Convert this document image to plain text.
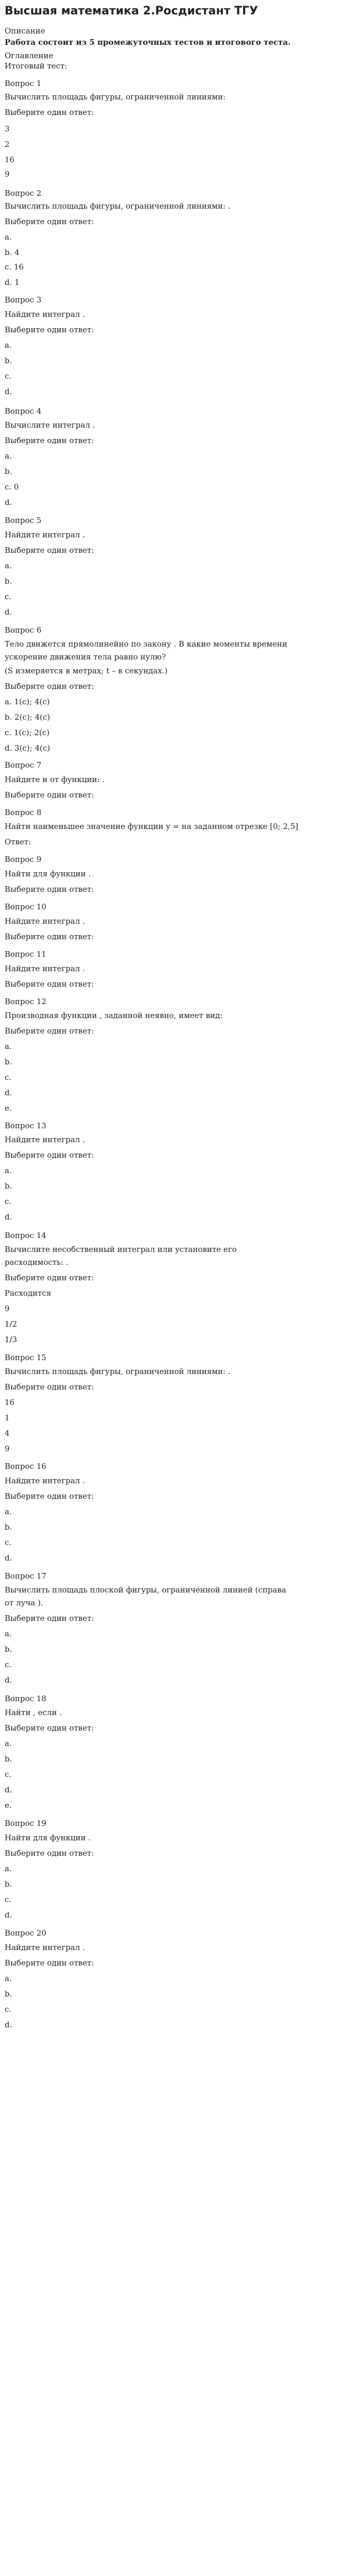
Высшая математика 2.Росдистант ТГУ
Описание
Работа состоит из 5 промежуточных тестов и итогового теста.
Оглавление
Итоговый тест:
Вопрос 1
Вычислить площадь фигуры, ограниченной линиями:
Выберите один ответ:
3
2
16
9
Вопрос 2
Вычислить площадь фигуры, ограниченной линиями: .
Выберите один ответ:
a.
b. 4
c. 16
d. 1
Вопрос 3
Найдите интеграл .
Выберите один ответ:
a.
b.
c.
d.
Вопрос 4
Вычислите интеграл .
Выберите один ответ:
a.
b.
c. 0
d.
Вопрос 5
Найдите интеграл .
Выберите один ответ:
a.
b.
c.
d.
Вопрос 6
Тело движется прямолинейно по закону . В какие моменты времени
ускорение движения тела равно нулю?
(S измеряется в метрах; t – в секундах.)
Выберите один ответ:
a. 1(c); 4(c)
b. 2(c); 4(c)
c. 1(c); 2(c)
d. 3(c); 4(c)
Вопрос 7
Найдите и от функции: .
Выберите один ответ:
Вопрос 8
Найти наименьшее значение функции y = на заданном отрезке [0; 2,5]
Ответ:
Вопрос 9
Найти для функции .
Выберите один ответ:
Вопрос 10
Найдите интеграл .
Выберите один ответ:
Вопрос 11
Найдите интеграл .
Выберите один ответ:
Вопрос 12
Производная функции , заданной неявно, имеет вид:
Выберите один ответ:
a.
b.
c.
d.
e.
Вопрос 13
Найдите интеграл .
Выберите один ответ:
a.
b.
c.
d.
Вопрос 14
Вычислите несобственный интеграл или установите его
расходимость: .
Выберите один ответ:
Расходится
9
1/2
1/3
Вопрос 15
Вычислить площадь фигуры, ограниченной линиями: .
Выберите один ответ:
16
1
4
9
Вопрос 16
Найдите интеграл .
Выберите один ответ:
a.
b.
c.
d.
Вопрос 17
Вычислить площадь плоской фигуры, ограниченной линией (справа
от луча ).
Выберите один ответ:
a.
b.
c.
d.
Вопрос 18
Найти , если .
Выберите один ответ:
a.
b.
c.
d.
e.
Вопрос 19
Найти для функции .
Выберите один ответ:
a.
b.
c.
d.
Вопрос 20
Найдите интеграл .
Выберите один ответ:
a.
b.
c.
d.
